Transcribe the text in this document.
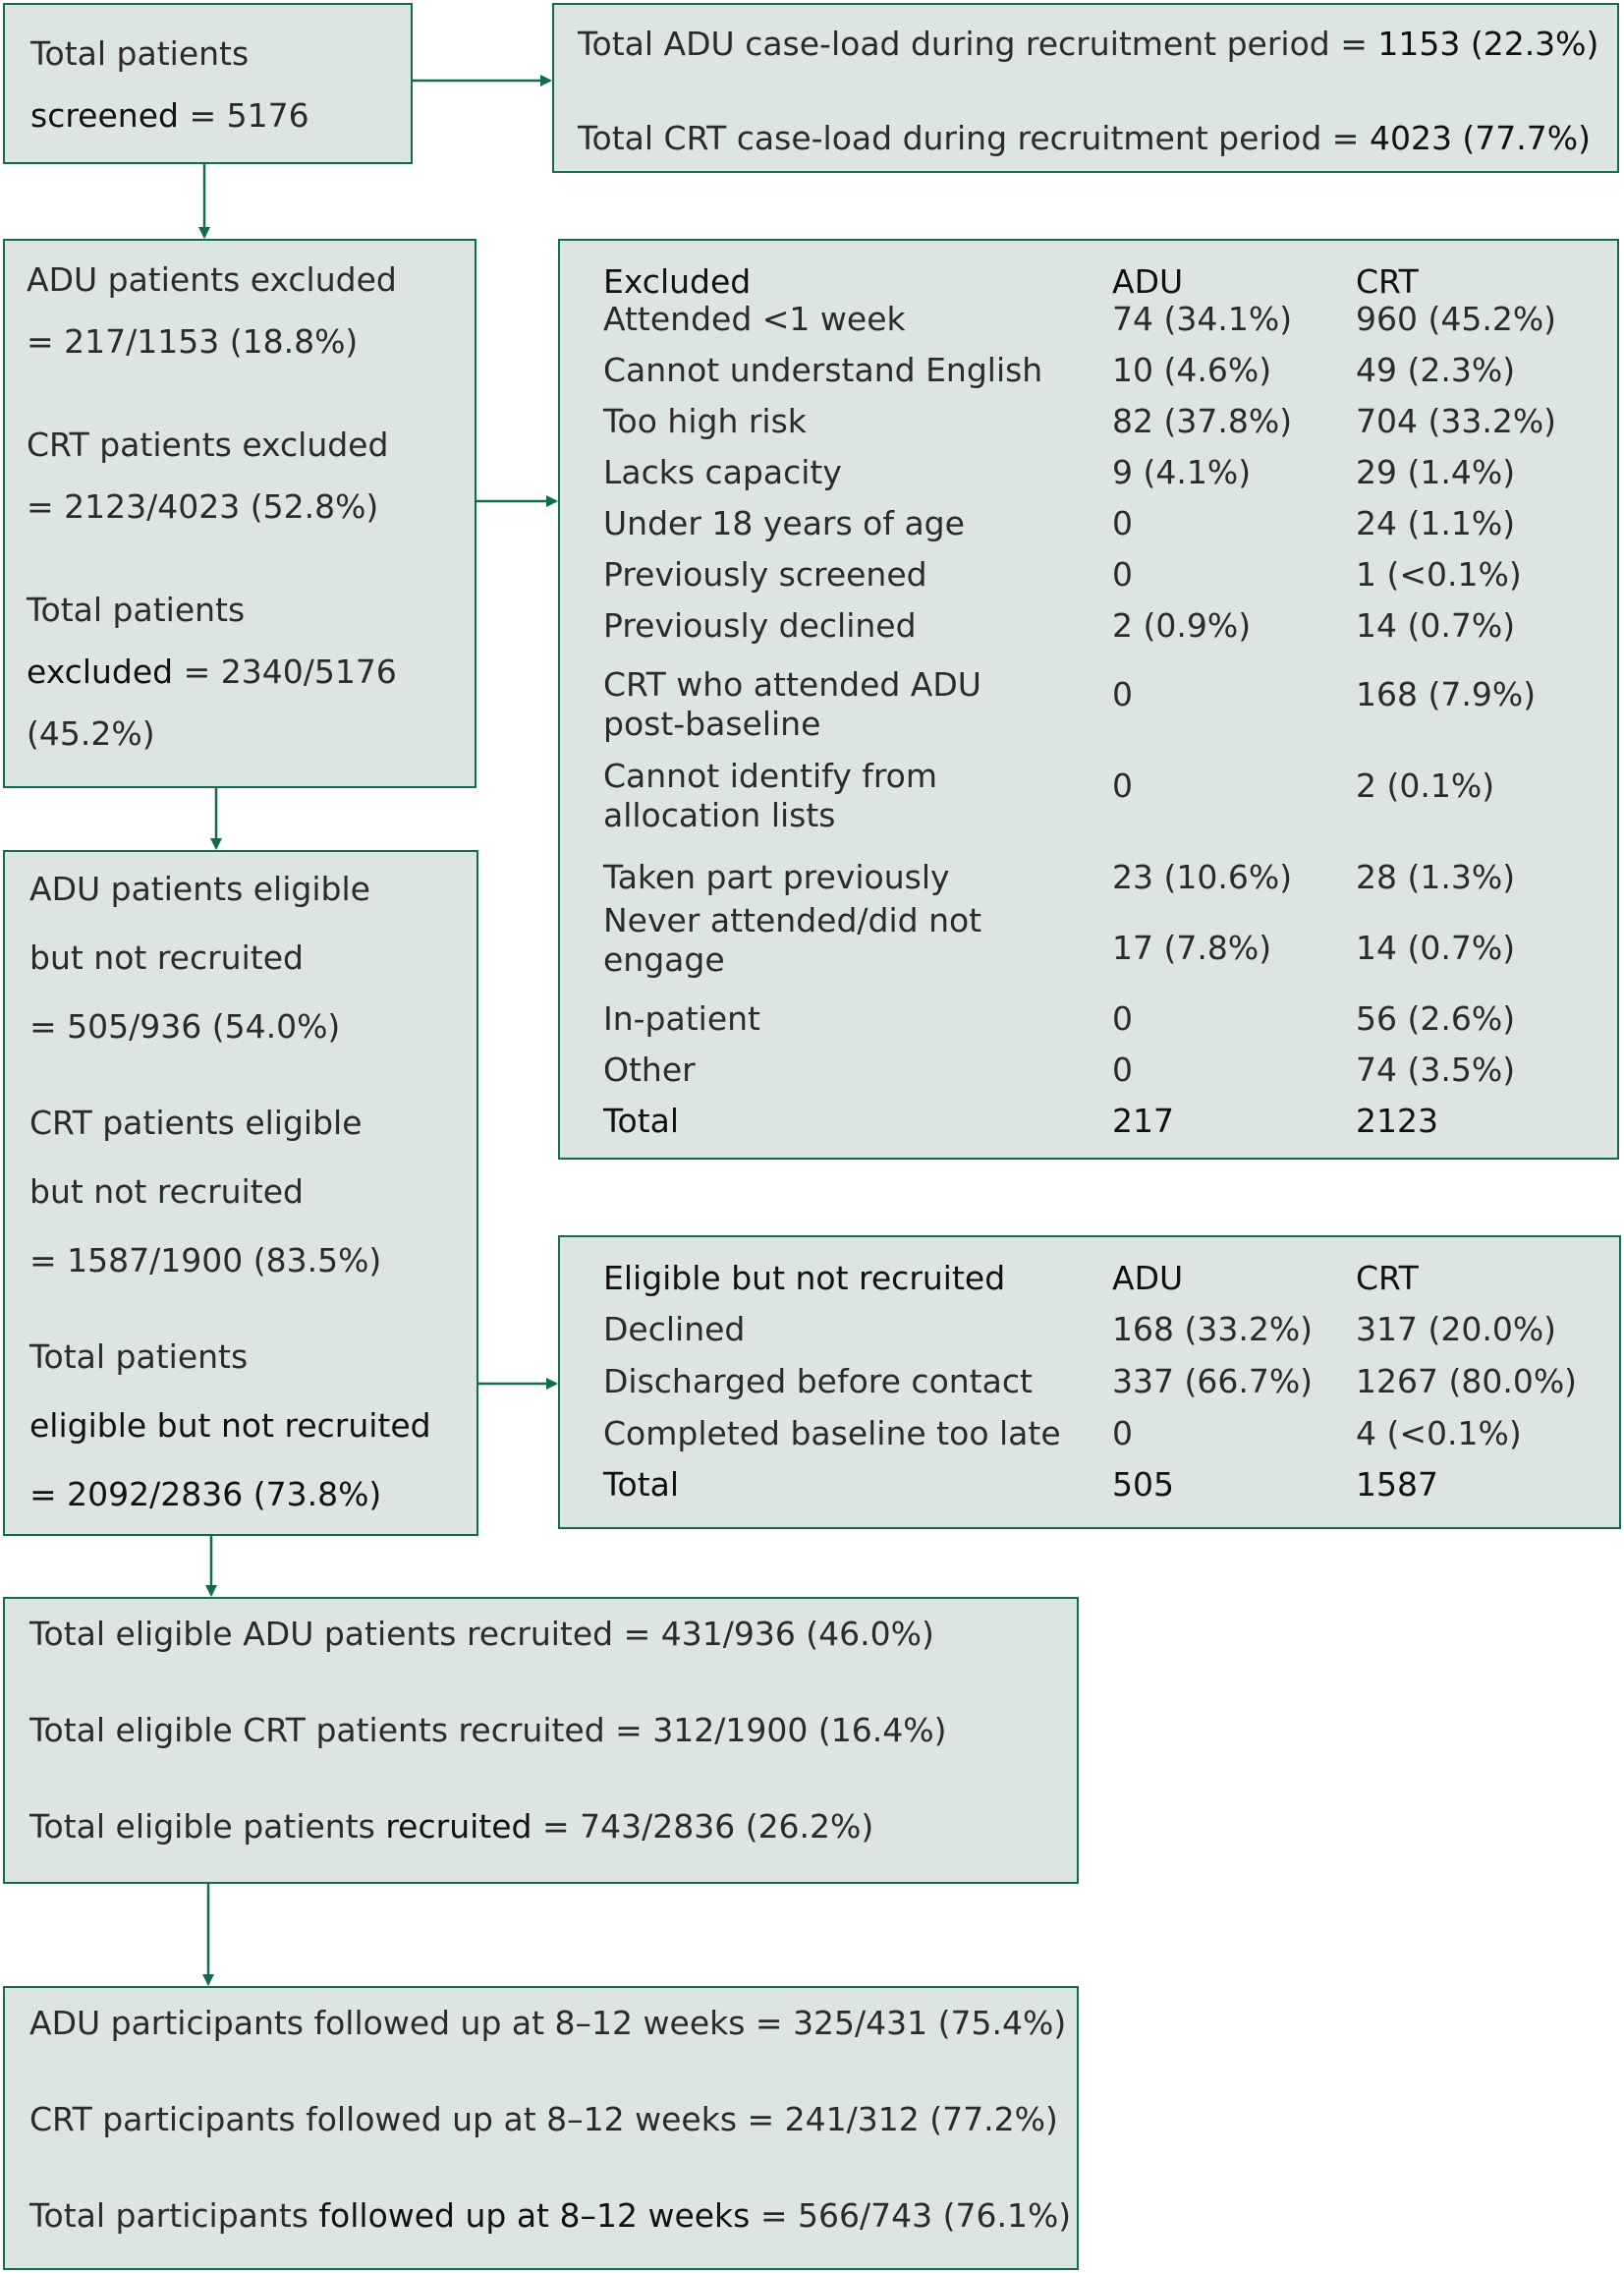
Total patients
screened = 5176
Total ADU case-load during recruitment period = 1153 (22.3%)
Total CRT case-load during recruitment period = 4023 (77.7%)
ADU patients excluded
= 217/1153 (18.8%)
CRT patients excluded
= 2123/4023 (52.8%)
Total patients
excluded = 2340/5176
(45.2%)
Excluded	ADU	CRT
Attended <1 week	74 (34.1%) 960 (45.2%)
Cannot understand English 10 (4.6%)	49 (2.3%)
Too high risk	82 (37.8%) 704 (33.2%)
Lacks capacity	9 (4.1%)	29 (1.4%)
Under 18 years of age	0	24 (1.1%)
Previously screened	0	1 (<0.1%)
Previously declined	2 (0.9%)	14 (0.7%)
CRT who attended ADU post-baseline
0	168 (7.9%)
Cannot identify from allocation lists
0	2 (0.1%)
Taken part previously	23 (10.6%) 28 (1.3%)
Never attended/did not engage	17 (7.8%)	14 (0.7%)
In-patient	0	56 (2.6%)
Other	0	74 (3.5%)
Total	217	2123
ADU patients eligible
but not recruited
= 505/936 (54.0%)
CRT patients eligible
but not recruited
= 1587/1900 (83.5%)
Total patients
eligible but not recruited
= 2092/2836 (73.8%)
Eligible but not recruited	ADU	CRT
Declined	168 (33.2%) 317 (20.0%)
Discharged before contact 337 (66.7%) 1267 (80.0%)
Completed baseline too late 0	4 (<0.1%)
Total	505	1587
Total eligible ADU patients recruited = 431/936 (46.0%)
Total eligible CRT patients recruited = 312/1900 (16.4%)
Total eligible patients recruited = 743/2836 (26.2%)
ADU participants followed up at 8–12 weeks = 325/431 (75.4%)
CRT participants followed up at 8–12 weeks = 241/312 (77.2%)
Total participants followed up at 8–12 weeks = 566/743 (76.1%)
